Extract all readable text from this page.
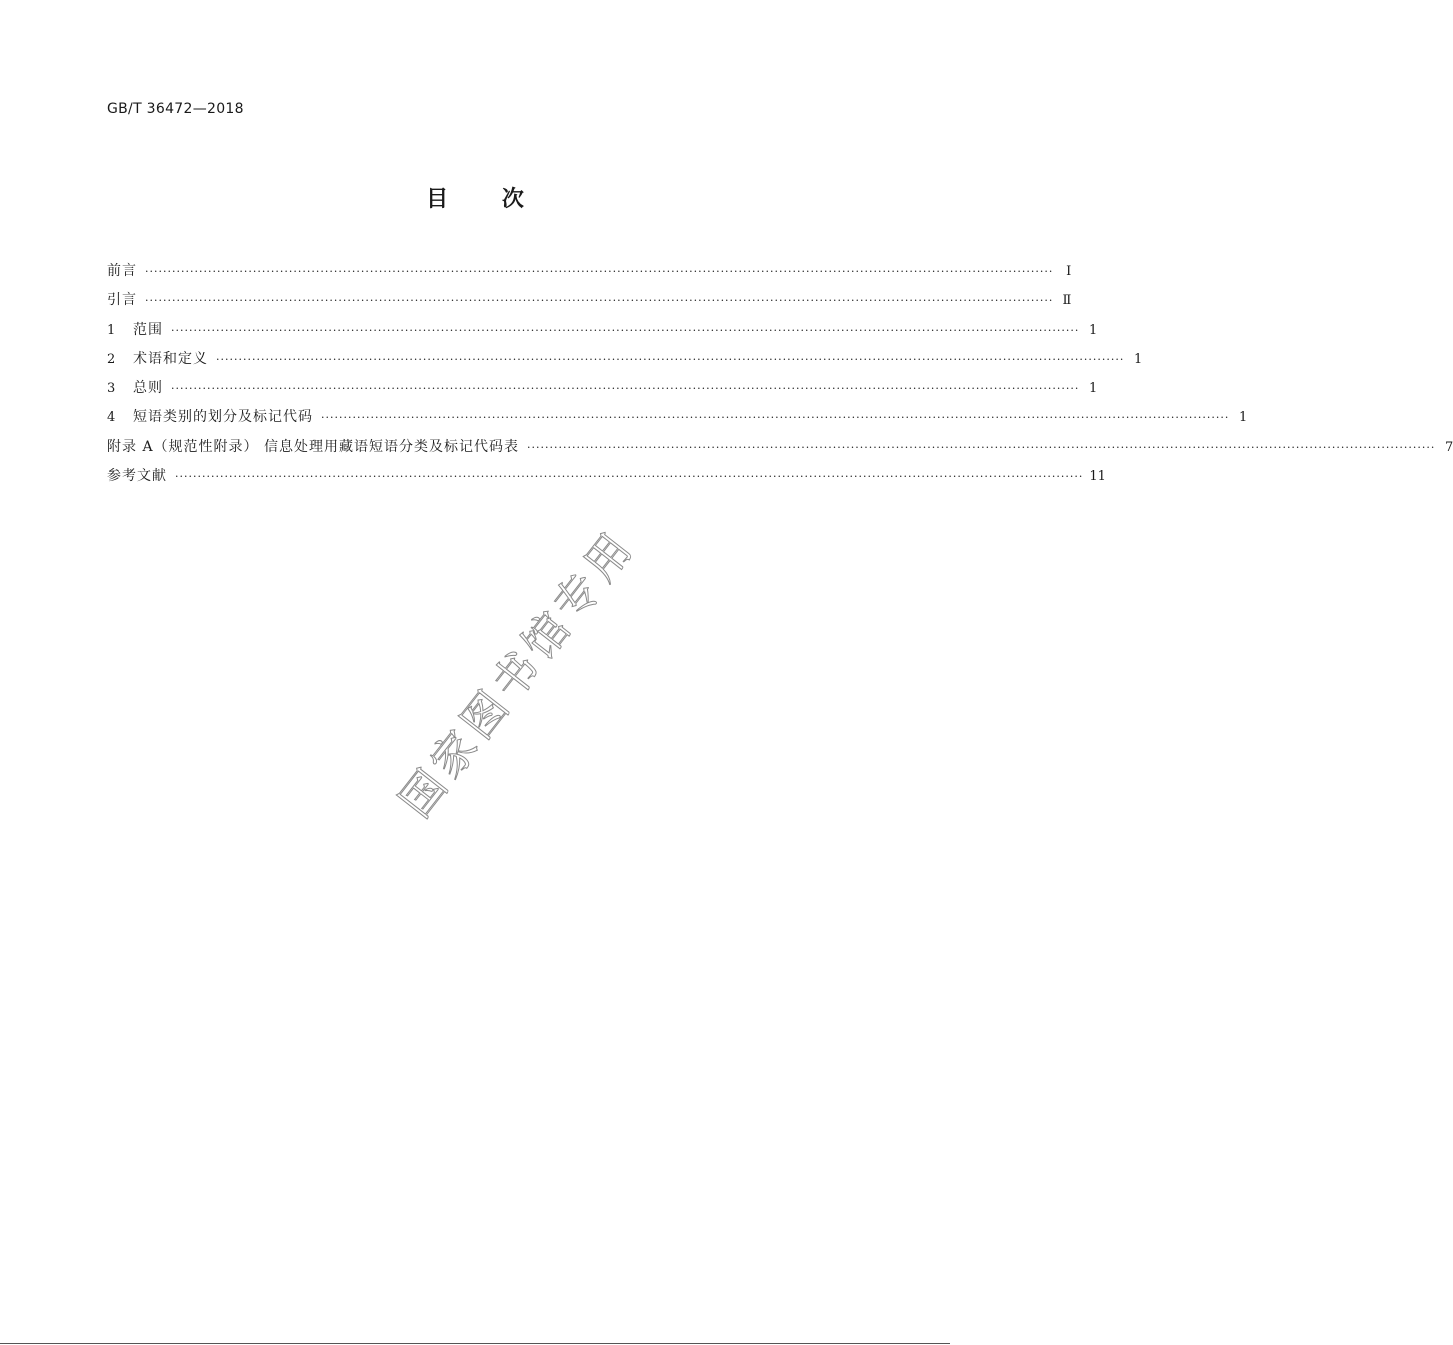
GB/T 36472—2018
目 次
前言 ·····	Ⅰ
引言 ·····	Ⅱ
1	范围 ·····	1
2	术语和定义 ·····	1
3	总则 ·····	1
4	短语类别的划分及标记代码 ·····	1
附录 A（规范性附录） 信息处理用藏语短语分类及标记代码表 ·····	7
参考文献 ·····	11
国
家
图
书
馆
专
用
